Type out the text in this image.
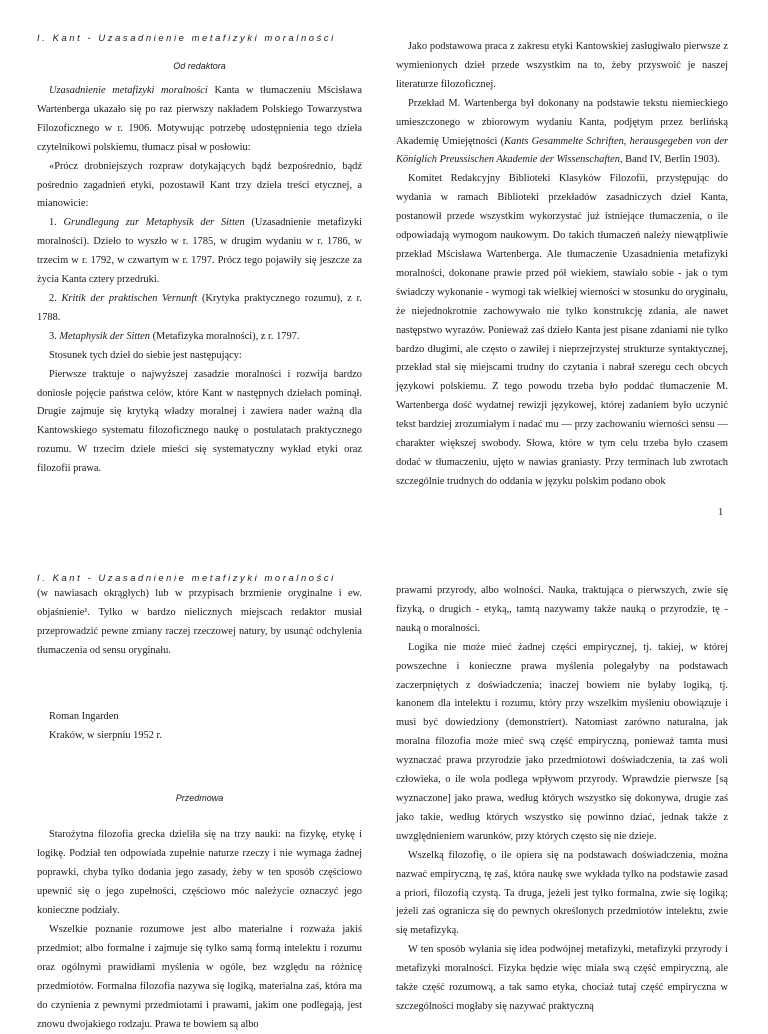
I. Kant - Uzasadnienie metafizyki moralności

Od redaktora

Uzasadnienie metafizyki moralności Kanta w tłumaczeniu Mścisława Wartenberga ukazało się po raz pierwszy nakładem Polskiego Towarzystwa Filozoficznego w r. 1906. Motywując potrzebę udostępnienia tego dzieła czytelnikowi polskiemu, tłumacz pisał w posłowiu:

«Prócz drobniejszych rozpraw dotykających bądź bezpośrednio, bądź pośrednio zagadnień etyki, pozostawił Kant trzy dzieła treści etycznej, a mianowicie:

1. Grundlegung zur Metaphysik der Sitten (Uzasadnienie metafizyki moralności). Dzieło to wyszło w r. 1785, w drugim wydaniu w r. 1786, w trzecim w r. 1792, w czwartym w r. 1797. Prócz tego pojawiły się jeszcze za życia Kanta cztery przedruki.

2. Kritik der praktischen Vernunft (Krytyka praktycznego rozumu), z r. 1788.

3. Metaphysik der Sitten (Metafizyka moralności), z r. 1797.

Stosunek tych dzieł do siebie jest następujący:

Pierwsze traktuje o najwyższej zasadzie moralności i rozwija bardzo doniosłe pojęcie państwa celów, które Kant w następnych dziełach pominął. Drugie zajmuje się krytyką władzy moralnej i zawiera nader ważną dla Kantowskiego systematu filozoficznego naukę o postulatach praktycznego rozumu. W trzecim dziele mieści się systematyczny wykład etyki oraz filozofii prawa.

Jako podstawowa praca z zakresu etyki Kantowskiej zasługiwało pierwsze z wymienionych dzieł przede wszystkim na to, żeby przyswoić je naszej literaturze filozoficznej.

Przekład M. Wartenberga był dokonany na podstawie tekstu niemieckiego umieszczonego w zbiorowym wydaniu Kanta, podjętym przez berlińską Akademię Umiejętności (Kants Gesammelte Schriften, herausgegeben von der Königlich Preussischen Akademie der Wissenschaften, Band IV, Berlin 1903).

Komitet Redakcyjny Biblioteki Klasyków Filozofii, przystępując do wydania w ramach Biblioteki przekładów zasadniczych dzieł Kanta, postanowił przede wszystkim wykorzystać już istniejące tłumaczenia, o ile odpowiadają wymogom naukowym. Do takich tłumaczeń należy niewątpliwie przekład Mścisława Wartenberga. Ale tłumaczenie Uzasadnienia metafizyki moralności, dokonane prawie przed pół wiekiem, stawiało sobie - jak o tym świadczy wykonanie - wymogi tak wielkiej wierności w stosunku do oryginału, że niejednokrotnie zachowywało nie tylko konstrukcję zdania, ale nawet następstwo wyrazów. Ponieważ zaś dzieło Kanta jest pisane zdaniami nie tylko bardzo długimi, ale często o zawiłej i nieprzejrzystej strukturze syntaktycznej, przekład stał się miejscami trudny do czytania i nabrał szeregu cech obcych językowi polskiemu. Z tego powodu trzeba było poddać tłumaczenie M. Wartenberga dość wydatnej rewizji językowej, której zadaniem było uczynić tekst bardziej zrozumiałym i nadać mu — przy zachowaniu wierności sensu — charakter większej swobody. Słowa, które w tym celu trzeba było czasem dodać w tłumaczeniu, ujęto w nawias graniasty. Przy terminach lub zwrotach szczególnie trudnych do oddania w języku polskim podano obok

1
I. Kant - Uzasadnienie metafizyki moralności

(w nawiasach okrągłych) lub w przypisach brzmienie oryginalne i ew. objaśnienie¹. Tylko w bardzo nielicznych miejscach redaktor musiał przeprowadzić pewne zmiany raczej rzeczowej natury, by usunąć odchylenia tłumaczenia od sensu oryginału.

Roman Ingarden

Kraków, w sierpniu 1952 r.

Przedmowa

Starożytna filozofia grecka dzieliła się na trzy nauki: na fizykę, etykę i logikę. Podział ten odpowiada zupełnie naturze rzeczy i nie wymaga żadnej poprawki, chyba tylko dodania jego zasady, żeby w ten sposób częściowo upewnić się o jego zupełności, częściowo móc należycie oznaczyć jego konieczne podziały.

Wszelkie poznanie rozumowe jest albo materialne i rozważa jakiś przedmiot; albo formalne i zajmuje się tylko samą formą intelektu i rozumu oraz ogólnymi prawidłami myślenia w ogóle, bez względu na różnicę przedmiotów. Formalna filozofia nazywa się logiką, materialna zaś, która ma do czynienia z pewnymi przedmiotami i prawami, jakim one podlegają, jest znowu dwojakiego rodzaju. Prawa te bowiem są albo

prawami przyrody, albo wolności. Nauka, traktująca o pierwszych, zwie się fizyką, o drugich - etyką,, tamtą nazywamy także nauką o przyrodzie, tę - nauką o moralności.

Logika nie może mieć żadnej części empirycznej, tj. takiej, w której powszechne i konieczne prawa myślenia polegałyby na podstawach zaczerpniętych z doświadczenia; inaczej bowiem nie byłaby logiką, tj. kanonem dla intelektu i rozumu, który przy wszelkim myśleniu obowiązuje i musi być dowiedziony (demonstriert). Natomiast zarówno naturalna, jak moralna filozofia może mieć swą część empiryczną, ponieważ tamta musi wyznaczać prawa przyrodzie jako przedmiotowi doświadczenia, ta zaś woli człowieka, o ile wola podlega wpływom przyrody. Wprawdzie pierwsze [są wyznaczone] jako prawa, według których wszystko się dokonywa, drugie zaś jako takie, według których wszystko się powinno dziać, jednak także z uwzględnieniem warunków, przy których często się nie dzieje.

Wszelką filozofię, o ile opiera się na podstawach doświadczenia, można nazwać empiryczną, tę zaś, która naukę swe wykłada tylko na podstawie zasad a priori, filozofią czystą. Ta druga, jeżeli jest tylko formalna, zwie się logiką; jeżeli zaś ogranicza się do pewnych określonych przedmiotów intelektu, zwie się metafizyką.

W ten sposób wyłania się idea podwójnej metafizyki, metafizyki przyrody i metafizyki moralności. Fizyka będzie więc miała swą część empiryczną, ale także część rozumową, a tak samo etyka, chociaż tutaj część empiryczna w szczególności mogłaby się nazywać praktyczną
